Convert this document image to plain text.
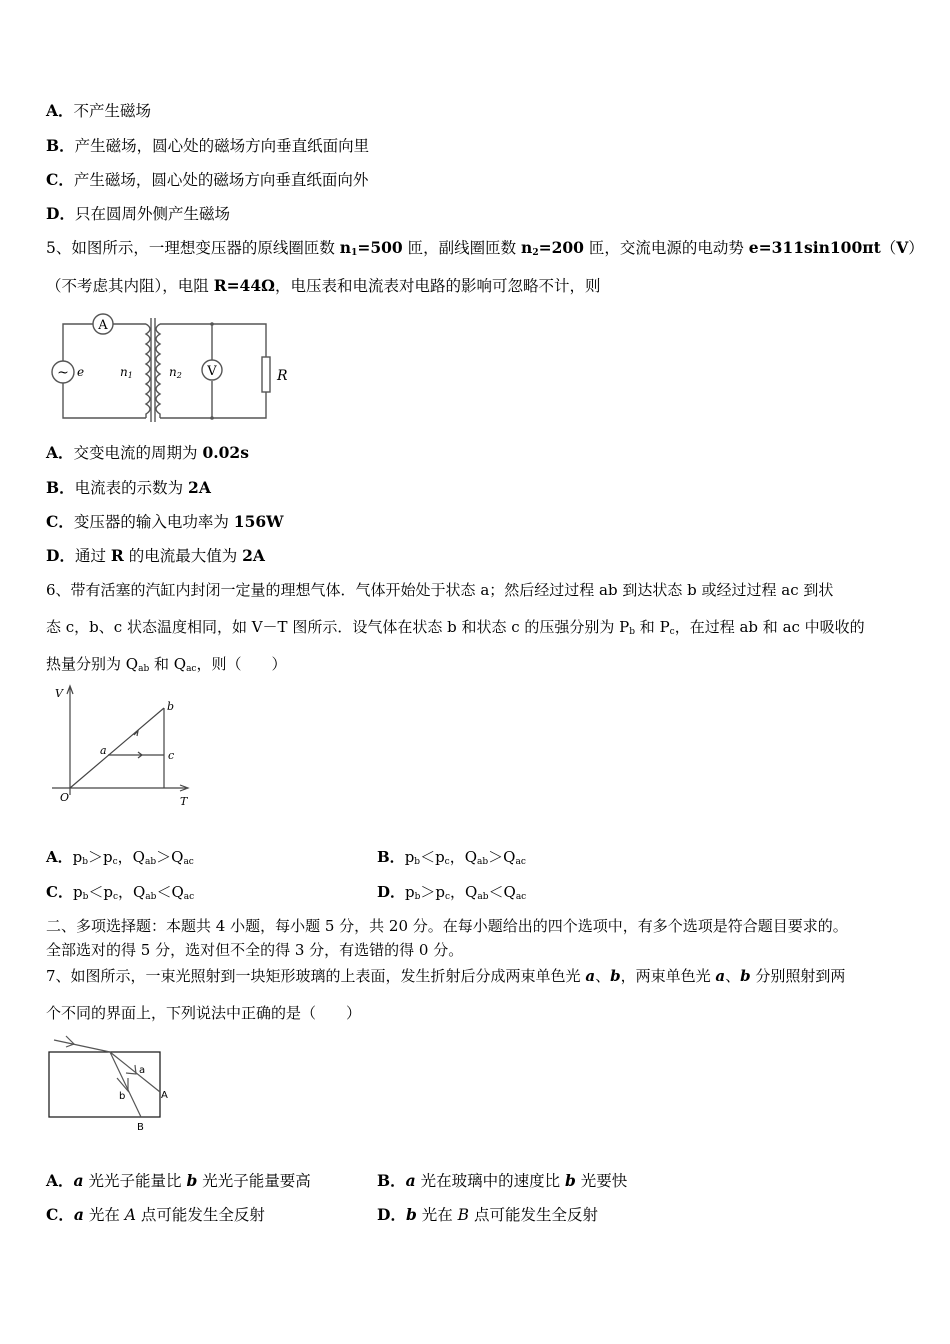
A．不产生磁场
B．产生磁场，圆心处的磁场方向垂直纸面向里
C．产生磁场，圆心处的磁场方向垂直纸面向外
D．只在圆周外侧产生磁场
5、如图所示，一理想变压器的原线圈匝数 $n_1=500$ 匝，副线圈匝数 $n_2=200$ 匝，交流电源的电动势 e=311sin100πt（V）
（不考虑其内阻），电阻 R=44Ω，电压表和电流表对电路的影响可忽略不计，则
A
~ e	n1	n2 V	R
A．交变电流的周期为 0.02s
B．电流表的示数为 2A
C．变压器的输入电功率为 156W
D．通过 R 的电流最大值为 2A
6、带有活塞的汽缸内封闭一定量的理想气体．气体开始处于状态 a；然后经过过程 ab 到达状态 b 或经过过程 ac 到状
态 c，b、c 状态温度相同，如 V－T 图所示．设气体在状态 b 和状态 c 的压强分别为 $P_b$ 和 $P_c$，在过程 ab 和 ac 中吸收的
热量分别为 $Q_{ab}$ 和 $Q_{ac}$，则（　　）
V
T
O
a
b
c
A．$p_b>p_c$，$Q_{ab}>Q_{ac}$	B．$p_b<p_c$，$Q_{ab}>Q_{ac}$
C．$p_b<p_c$，$Q_{ab}<Q_{ac}$	D．$p_b>p_c$，$Q_{ab}<Q_{ac}$
二、多项选择题：本题共 4 小题，每小题 5 分，共 20 分。在每小题给出的四个选项中，有多个选项是符合题目要求的。
全部选对的得 5 分，选对但不全的得 3 分，有选错的得 0 分。
7、如图所示，一束光照射到一块矩形玻璃的上表面，发生折射后分成两束单色光 a、b，两束单色光 a、b 分别照射到两
个不同的界面上，下列说法中正确的是（　　）
a
A
b
B
A．a 光光子能量比 b 光光子能量要高	B．a 光在玻璃中的速度比 b 光要快
C．a 光在 A 点可能发生全反射	D．b 光在 B 点可能发生全反射
